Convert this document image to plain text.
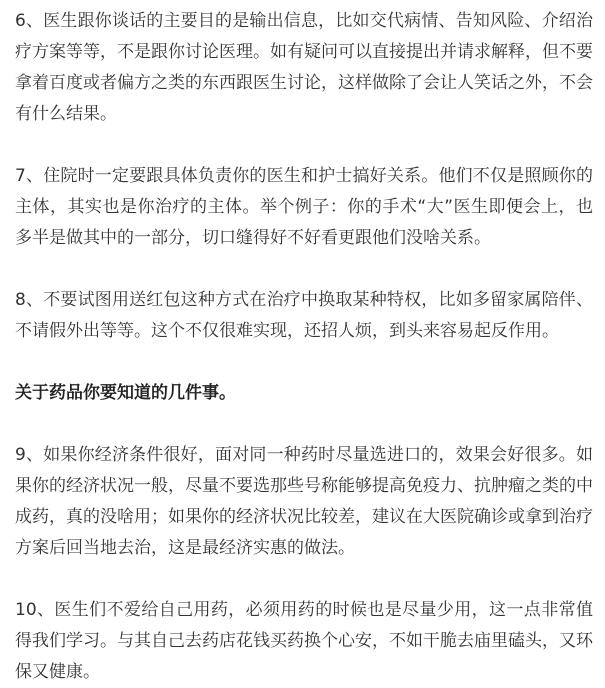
6、医生跟你谈话的主要目的是输出信息，比如交代病情、告知风险、介绍治疗方案等等，不是跟你讨论医理。如有疑问可以直接提出并请求解释，但不要拿着百度或者偏方之类的东西跟医生讨论，这样做除了会让人笑话之外，不会有什么结果。

7、住院时一定要跟具体负责你的医生和护士搞好关系。他们不仅是照顾你的主体，其实也是你治疗的主体。举个例子：你的手术“大”医生即便会上，也多半是做其中的一部分，切口缝得好不好看更跟他们没啥关系。

8、不要试图用送红包这种方式在治疗中换取某种特权，比如多留家属陪伴、不请假外出等等。这个不仅很难实现，还招人烦，到头来容易起反作用。

关于药品你要知道的几件事。

9、如果你经济条件很好，面对同一种药时尽量选进口的，效果会好很多。如果你的经济状况一般，尽量不要选那些号称能够提高免疫力、抗肿瘤之类的中成药，真的没啥用；如果你的经济状况比较差，建议在大医院确诊或拿到治疗方案后回当地去治，这是最经济实惠的做法。

10、医生们不爱给自己用药，必须用药的时候也是尽量少用，这一点非常值得我们学习。与其自己去药店花钱买药换个心安，不如干脆去庙里磕头，又环保又健康。
